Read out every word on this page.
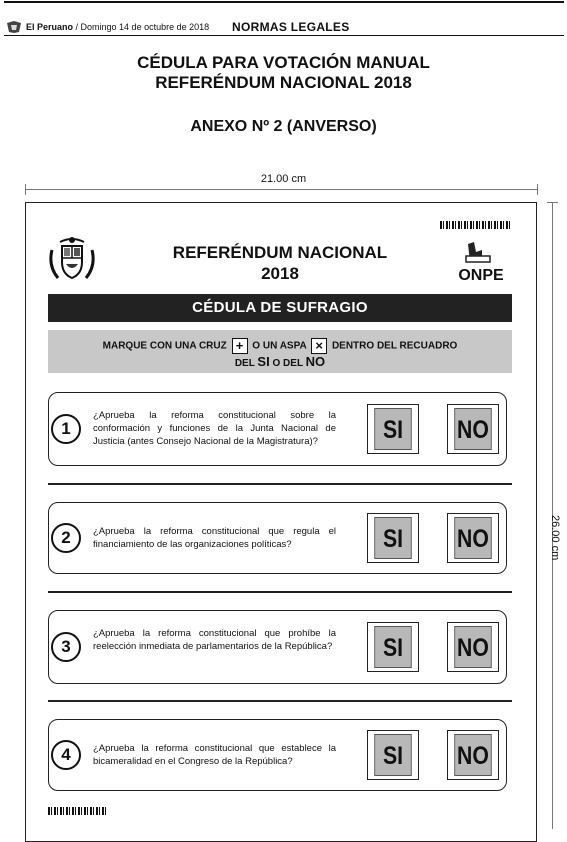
El Peruano / Domingo 14 de octubre de 2018 NORMAS LEGALES
CÉDULA PARA VOTACIÓN MANUAL
REFERÉNDUM NACIONAL 2018
ANEXO Nº 2 (ANVERSO)
21.00 cm
26.00 cm
REFERÉNDUM NACIONAL
2018	ONPE
CÉDULA DE SUFRAGIO
MARQUE CON UNA CRUZ + O UN ASPA × DENTRO DEL RECUADRO
DEL SI O DEL NO
1
¿Aprueba la reforma constitucional sobre la conformación y funciones de la Junta Nacional de Justicia (antes Consejo Nacional de la Magistratura)?	SI	NO
2	¿Aprueba la reforma constitucional que regula el financiamiento de las organizaciones políticas?	SI	NO
3
¿Aprueba la reforma constitucional que prohíbe la reelección inmediata de parlamentarios de la República?	SI	NO
4	¿Aprueba la reforma constitucional que establece la bicameralidad en el Congreso de la República?	SI	NO
